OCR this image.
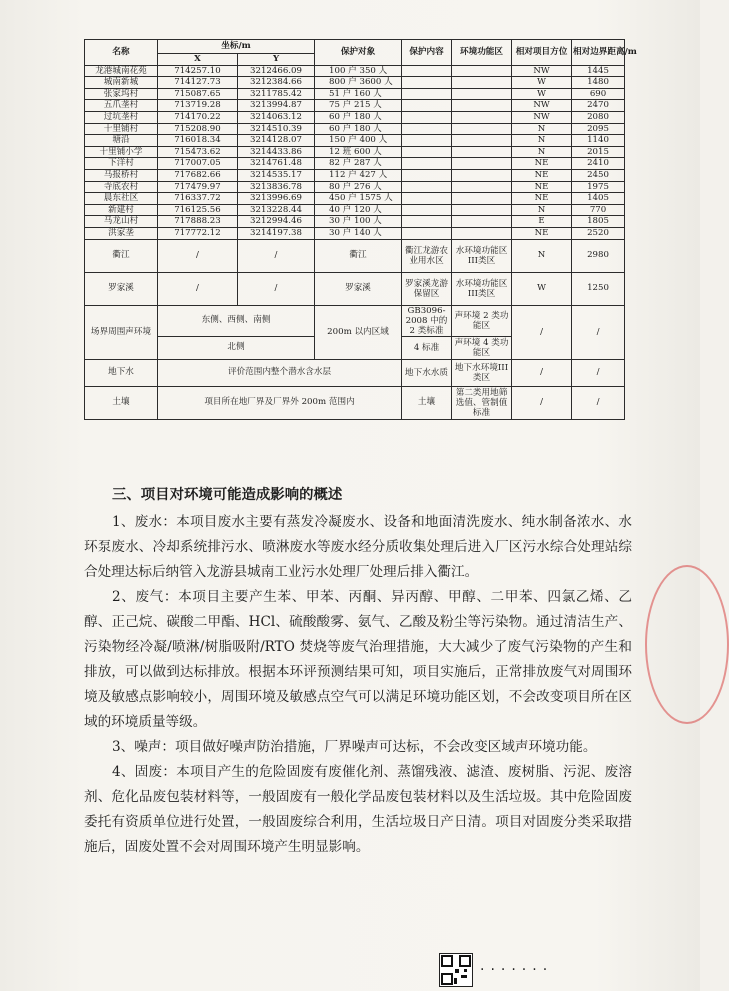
名称	坐标/m		保护对象	保护内容	环境功能区	相对项目方位	相对边界距离/m
	X	Y					
龙港城南花苑	714257.10	3212466.09	100 户 350 人			NW	1445
城南新城	714127.73	3212384.66	800 户 3600 人			W	1480
张家坞村	715087.65	3211785.42	51 户 160 人			W	690
五爪垄村	713719.28	3213994.87	75 户 215 人			NW	2470
过坑垄村	714170.22	3214063.12	60 户 180 人			NW	2080
十里铺村	715208.90	3214510.39	60 户 180 人			N	2095
塘沿	716018.34	3214128.07	150 户 400 人			N	1140
十里铺小学	715473.62	3214433.86	12 班 600 人			N	2015
下洋村	717007.05	3214761.48	82 户 287 人			NE	2410
马报桥村	717682.66	3214535.17	112 户 427 人			NE	2450
寺底农村	717479.97	3213836.78	80 户 276 人			NE	1975
晨东社区	716337.72	3213996.69	450 户 1575 人			NE	1405
新建村	716125.56	3213228.44	40 户 120 人			N	770
马龙山村	717888.23	3212994.46	30 户 100 人			E	1805
洪家垄	717772.12	3214197.38	30 户 140 人			NE	2520
衢江	/	/	衢江	衢江龙游农业用水区	水环境功能区III类区	N	2980
罗家溪	/	/	罗家溪	罗家溪龙游保留区	水环境功能区III类区	W	1250
场界周围声环境	东侧、西侧、南侧		200m 以内区域	GB3096-2008 中的 2 类标准	声环境 2 类功能区	/	/
	北侧			4 标准	声环境 4 类功能区		
地下水	评价范围内整个潜水含水层			地下水水质	地下水环境III类区	/	/
土壤	项目所在地厂界及厂界外 200m 范围内			土壤	第二类用地筛选值、管制值标准	/	/
三、项目对环境可能造成影响的概述

1、废水：本项目废水主要有蒸发冷凝废水、设备和地面清洗废水、纯水制备浓水、水环泵废水、冷却系统排污水、喷淋废水等废水经分质收集处理后进入厂区污水综合处理站综合处理达标后纳管入龙游县城南工业污水处理厂处理后排入衢江。

2、废气：本项目主要产生苯、甲苯、丙酮、异丙醇、甲醇、二甲苯、四氯乙烯、乙醇、正己烷、碳酸二甲酯、HCl、硫酸酸雾、氨气、乙酸及粉尘等污染物。通过清洁生产、污染物经冷凝/喷淋/树脂吸附/RTO 焚烧等废气治理措施，大大减少了废气污染物的产生和排放，可以做到达标排放。根据本环评预测结果可知，项目实施后，正常排放废气对周围环境及敏感点影响较小，周围环境及敏感点空气可以满足环境功能区划，不会改变项目所在区域的环境质量等级。

3、噪声：项目做好噪声防治措施，厂界噪声可达标，不会改变区域声环境功能。

4、固废：本项目产生的危险固废有废催化剂、蒸馏残液、滤渣、废树脂、污泥、废溶剂、危化品废包装材料等，一般固废有一般化学品废包装材料以及生活垃圾。其中危险固废委托有资质单位进行处置，一般固废综合利用，生活垃圾日产日清。项目对固废分类采取措施后，固废处置不会对周围环境产生明显影响。

·······
